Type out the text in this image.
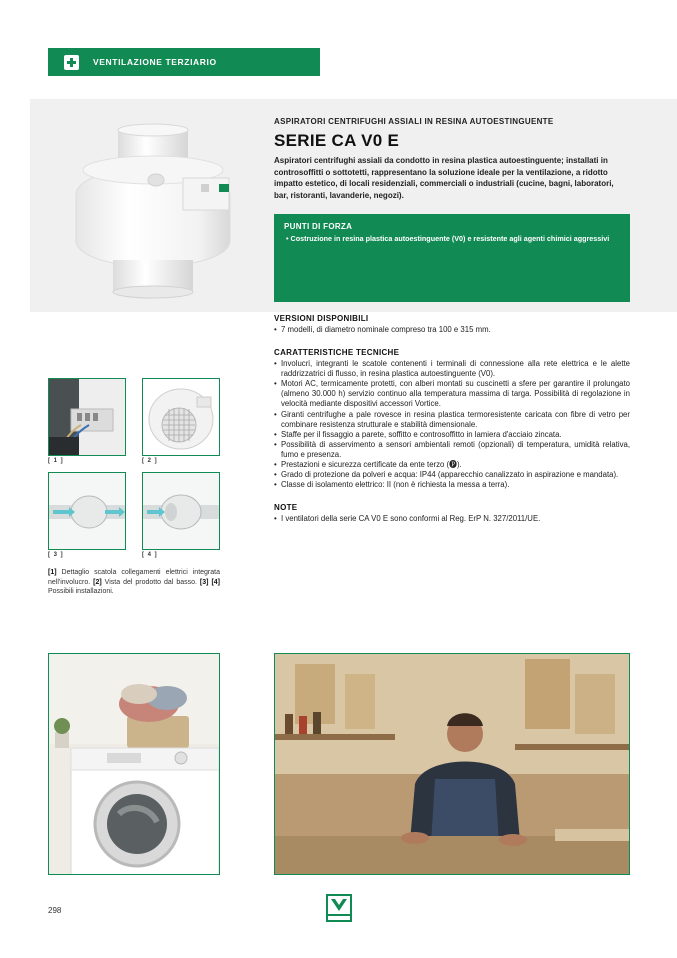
VENTILAZIONE TERZIARIO
ASPIRATORI CENTRIFUGHI ASSIALI IN RESINA AUTOESTINGUENTE
SERIE CA V0 E
Aspiratori centrifughi assiali da condotto in resina plastica autoestinguente; installati in controsoffitti o sottotetti, rappresentano la soluzione ideale per la ventilazione, a ridotto impatto estetico, di locali residenziali, commerciali o industriali (cucine, bagni, laboratori, bar, ristoranti, lavanderie, negozi).
PUNTI DI FORZA
• Costruzione in resina plastica autoestinguente (V0) e resistente agli agenti chimici aggressivi
VERSIONI DISPONIBILI
• 7 modelli, di diametro nominale compreso tra 100 e 315 mm.
CARATTERISTICHE TECNICHE
• Involucri, integranti le scatole contenenti i terminali di connessione alla rete elettrica e le alette raddrizzatrici di flusso, in resina plastica autoestinguente (V0).
• Motori AC, termicamente protetti, con alberi montati su cuscinetti a sfere per garantire il prolungato (almeno 30.000 h) servizio continuo alla temperatura massima di targa. Possibilità di regolazione in velocità mediante dispositivi accessori Vortice.
• Giranti centrifughe a pale rovesce in resina plastica termoresistente caricata con fibre di vetro per combinare resistenza strutturale e stabilità dimensionale.
• Staffe per il fissaggio a parete, soffitto e controsoffitto in lamiera d'acciaio zincata.
• Possibilità di asservimento a sensori ambientali remoti (opzionali) di temperatura, umidità relativa, fumo e presenza.
• Prestazioni e sicurezza certificate da ente terzo (🅟).
• Grado di protezione da polveri e acqua: IP44 (apparecchio canalizzato in aspirazione e mandata).
• Classe di isolamento elettrico: II (non è richiesta la messa a terra).
NOTE
• I ventilatori della serie CA V0 E sono conformi al Reg. ErP N. 327/2011/UE.
[ 1 ]	[ 2 ]
[ 3 ]	[ 4 ]
[1] Dettaglio scatola collegamenti elettrici integrata nell'involucro. [2] Vista del prodotto dal basso. [3] [4] Possibili installazioni.
298
